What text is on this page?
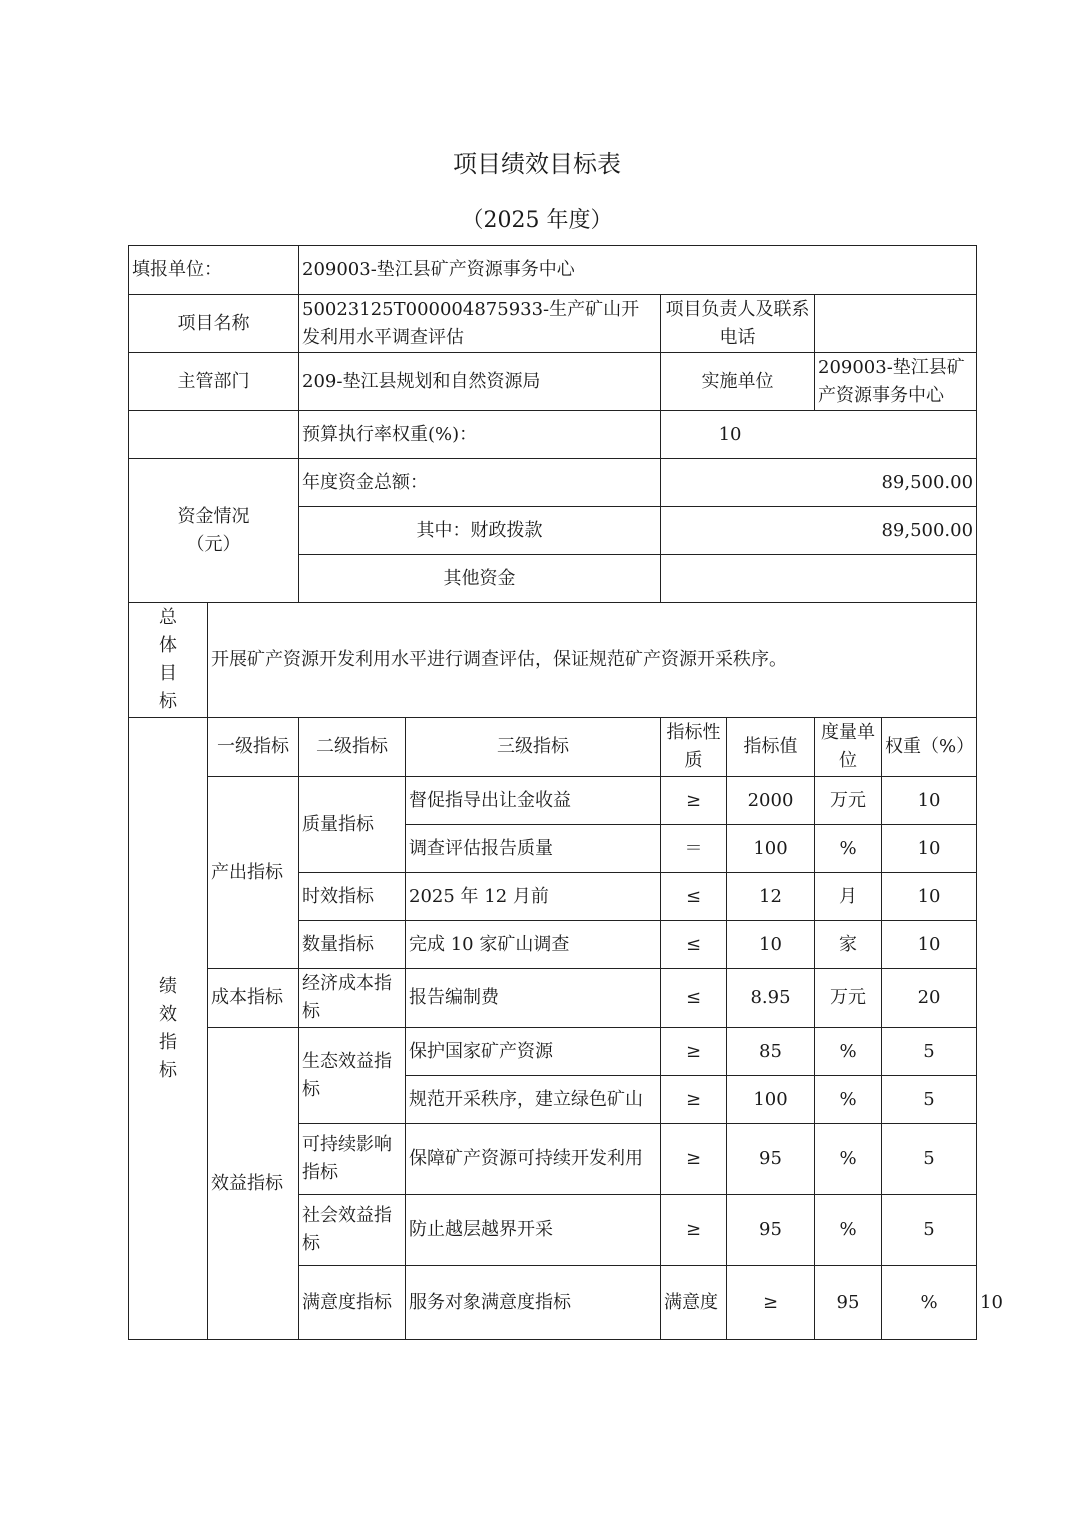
项目绩效目标表
（2025 年度）
填报单位：		209003-垫江县矿产资源事务中心						
项目名称		50023125T000004875933-生产矿山开发利用水平调查评估		项目负责人及联系电话				
主管部门		209-垫江县规划和自然资源局		实施单位		209003-垫江县矿产资源事务中心		
		预算执行率权重(%)：		10				

资金情况（元）		年度资金总额：		89,500.00				
		其中：财政拨款		89,500.00				
		其他资金						

总体目标	开展矿产资源开发利用水平进行调查评估，保证规范矿产资源开采秩序。							

绩效指标	一级指标	二级指标	三级指标	指标性质	指标值	度量单位	权重（%）	
	产出指标	质量指标	督促指导出让金收益	≥	2000	万元	10	
			调查评估报告质量	＝	100	%	10	
		时效指标	2025 年 12 月前	≤	12	月	10	
		数量指标	完成 10 家矿山调查	≤	10	家	10	
	成本指标	经济成本指标	报告编制费	≤	8.95	万元	20	
	效益指标	生态效益指标	保护国家矿产资源	≥	85	%	5	
			规范开采秩序，建立绿色矿山	≥	100	%	5	
		可持续影响指标	保障矿产资源可持续开发利用	≥	95	%	5	
		社会效益指标	防止越层越界开采	≥	95	%	5	
		满意度指标	服务对象满意度指标	满意度	≥	95	%	10
